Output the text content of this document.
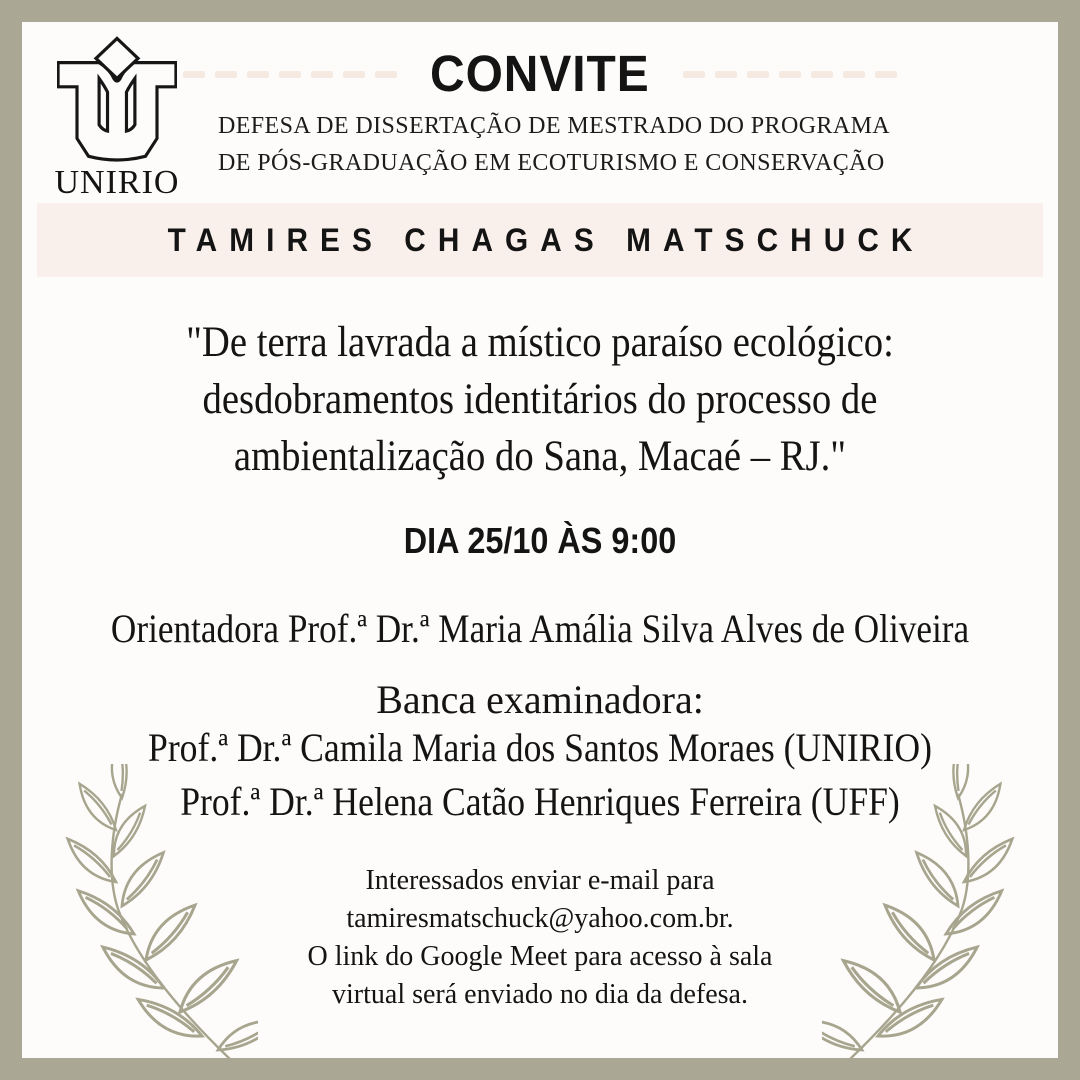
UNIRIO
CONVITE
DEFESA DE DISSERTAÇÃO DE MESTRADO DO PROGRAMA
DE PÓS-GRADUAÇÃO EM ECOTURISMO E CONSERVAÇÃO
TAMIRES CHAGAS MATSCHUCK
"De terra lavrada a místico paraíso ecológico:
desdobramentos identitários do processo de
ambientalização do Sana, Macaé – RJ."
DIA 25/10 ÀS 9:00
Orientadora Prof.ª Dr.ª Maria Amália Silva Alves de Oliveira
Banca examinadora:
Prof.ª Dr.ª Camila Maria dos Santos Moraes (UNIRIO)
Prof.ª Dr.ª Helena Catão Henriques Ferreira (UFF)
Interessados enviar e-mail para
tamiresmatschuck@yahoo.com.br.
O link do Google Meet para acesso à sala
virtual será enviado no dia da defesa.
